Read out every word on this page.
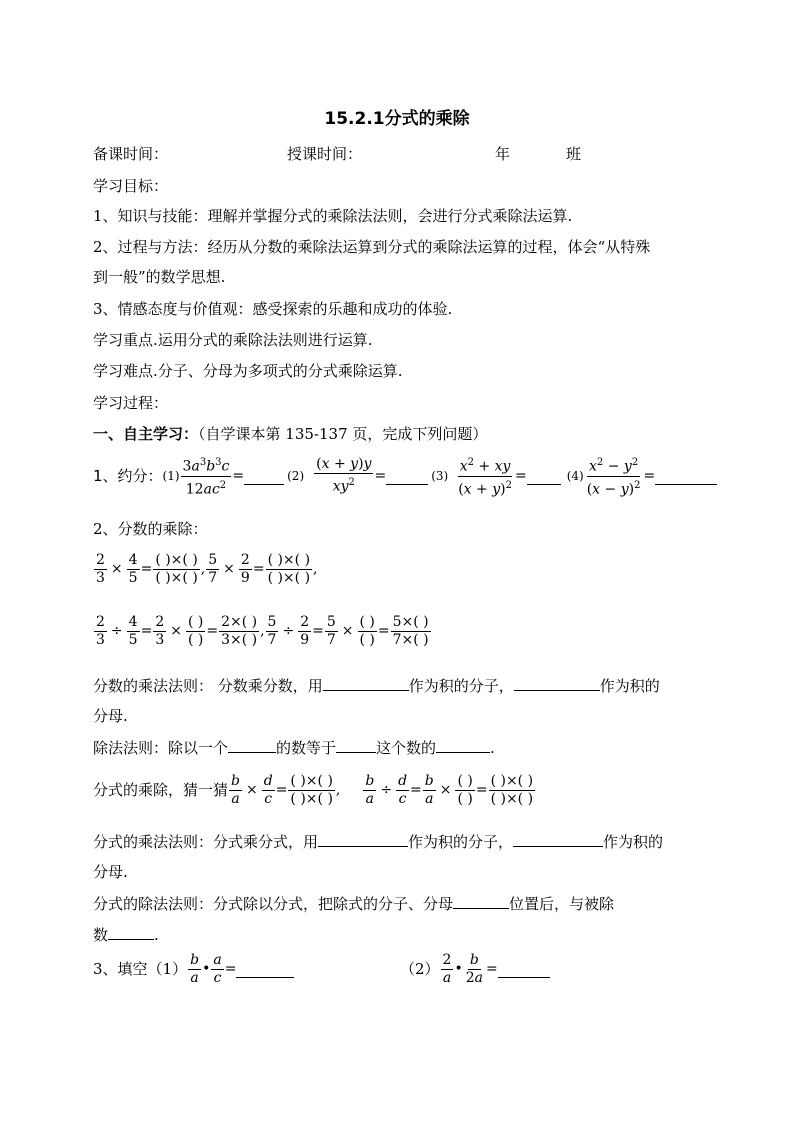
15.2.1分式的乘除
备课时间：	授课时间：	年	班
学习目标：
1、知识与技能：理解并掌握分式的乘除法法则，会进行分式乘除法运算.
2、过程与方法：经历从分数的乘除法运算到分式的乘除法运算的过程，体会“从特殊
到一般”的数学思想.
3、情感态度与价值观：感受探索的乐趣和成功的体验.
学习重点.运用分式的乘除法法则进行运算.
学习难点.分子、分母为多项式的分式乘除运算.
学习过程：
一、自主学习：（自学课本第 135-137 页，完成下列问题）
1、约分： $(1) \frac{3a^3b^3c}{12ac^2}$ =	$(2) \frac{(x + y)y}{xy^2}$ =	$(3) \frac{x^2 + xy}{(x + y)^2}$ =	$(4) \frac{x^2 - y^2}{(x - y)^2}$ =
2、分数的乘除：
$\frac{2}{3} \times \frac{4}{5} = \frac{( )\times( )}{( )\times( )}$ , $\frac{5}{7} \times \frac{2}{9} = \frac{( )\times( )}{( )\times( )}$ ,
$\frac{2}{3} \div \frac{4}{5} = \frac{2}{3} \times \frac{( )}{( )} = \frac{2\times( )}{3\times( )}$ , $\frac{5}{7} \div \frac{2}{9} = \frac{5}{7} \times \frac{( )}{( )} = \frac{5\times( )}{7\times( )}$
分数的乘法法则： 分数乘分数，用	作为积的分子，	作为积的
分母.
除法法则：除以一个	的数等于	这个数的	.
分式的乘除，猜一猜 $\frac{b}{a} \times \frac{d}{c} = \frac{( )\times( )}{( )\times( )}$ , $\frac{b}{a} \div \frac{d}{c} = \frac{b}{a} \times \frac{( )}{( )} = \frac{( )\times( )}{( )\times( )}$
分式的乘法法则：分式乘分式，用	作为积的分子，	作为积的
分母.
分式的除法法则：分式除以分式，把除式的分子、分母	位置后，与被除
数	.
3、填空$(1) \frac{b}{a}$ • $\frac{a}{c}$ =	$(2) \frac{2}{a}$ • $\frac{b}{2a}$ =
